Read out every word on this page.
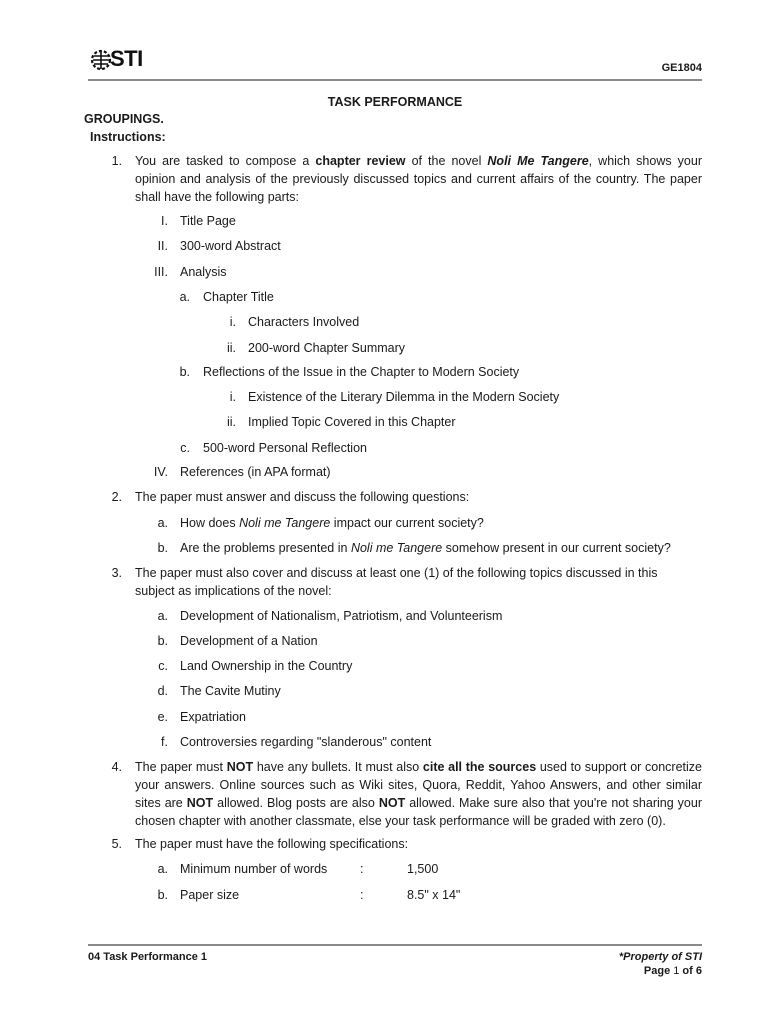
STI	GE1804
TASK PERFORMANCE
GROUPINGS.
Instructions:
1. You are tasked to compose a chapter review of the novel Noli Me Tangere, which shows your
opinion and analysis of the previously discussed topics and current affairs of the country. The paper
shall have the following parts:
I. Title Page
II. 300-word Abstract
III. Analysis
a. Chapter Title
i. Characters Involved
ii. 200-word Chapter Summary
b. Reflections of the Issue in the Chapter to Modern Society
i. Existence of the Literary Dilemma in the Modern Society
ii. Implied Topic Covered in this Chapter
c. 500-word Personal Reflection
IV. References (in APA format)
2. The paper must answer and discuss the following questions:
a. How does Noli me Tangere impact our current society?
b. Are the problems presented in Noli me Tangere somehow present in our current society?
3. The paper must also cover and discuss at least one (1) of the following topics discussed in this
subject as implications of the novel:
a. Development of Nationalism, Patriotism, and Volunteerism
b. Development of a Nation
c. Land Ownership in the Country
d. The Cavite Mutiny
e. Expatriation
f. Controversies regarding "slanderous" content
4. The paper must NOT have any bullets. It must also cite all the sources used to support or concretize
your answers. Online sources such as Wiki sites, Quora, Reddit, Yahoo Answers, and other similar
sites are NOT allowed. Blog posts are also NOT allowed. Make sure also that you're not sharing your
chosen chapter with another classmate, else your task performance will be graded with zero (0).
5. The paper must have the following specifications:
a. Minimum number of words	:	1,500
b. Paper size	:	8.5" x 14"
04 Task Performance 1	*Property of STI
Page 1 of 6
